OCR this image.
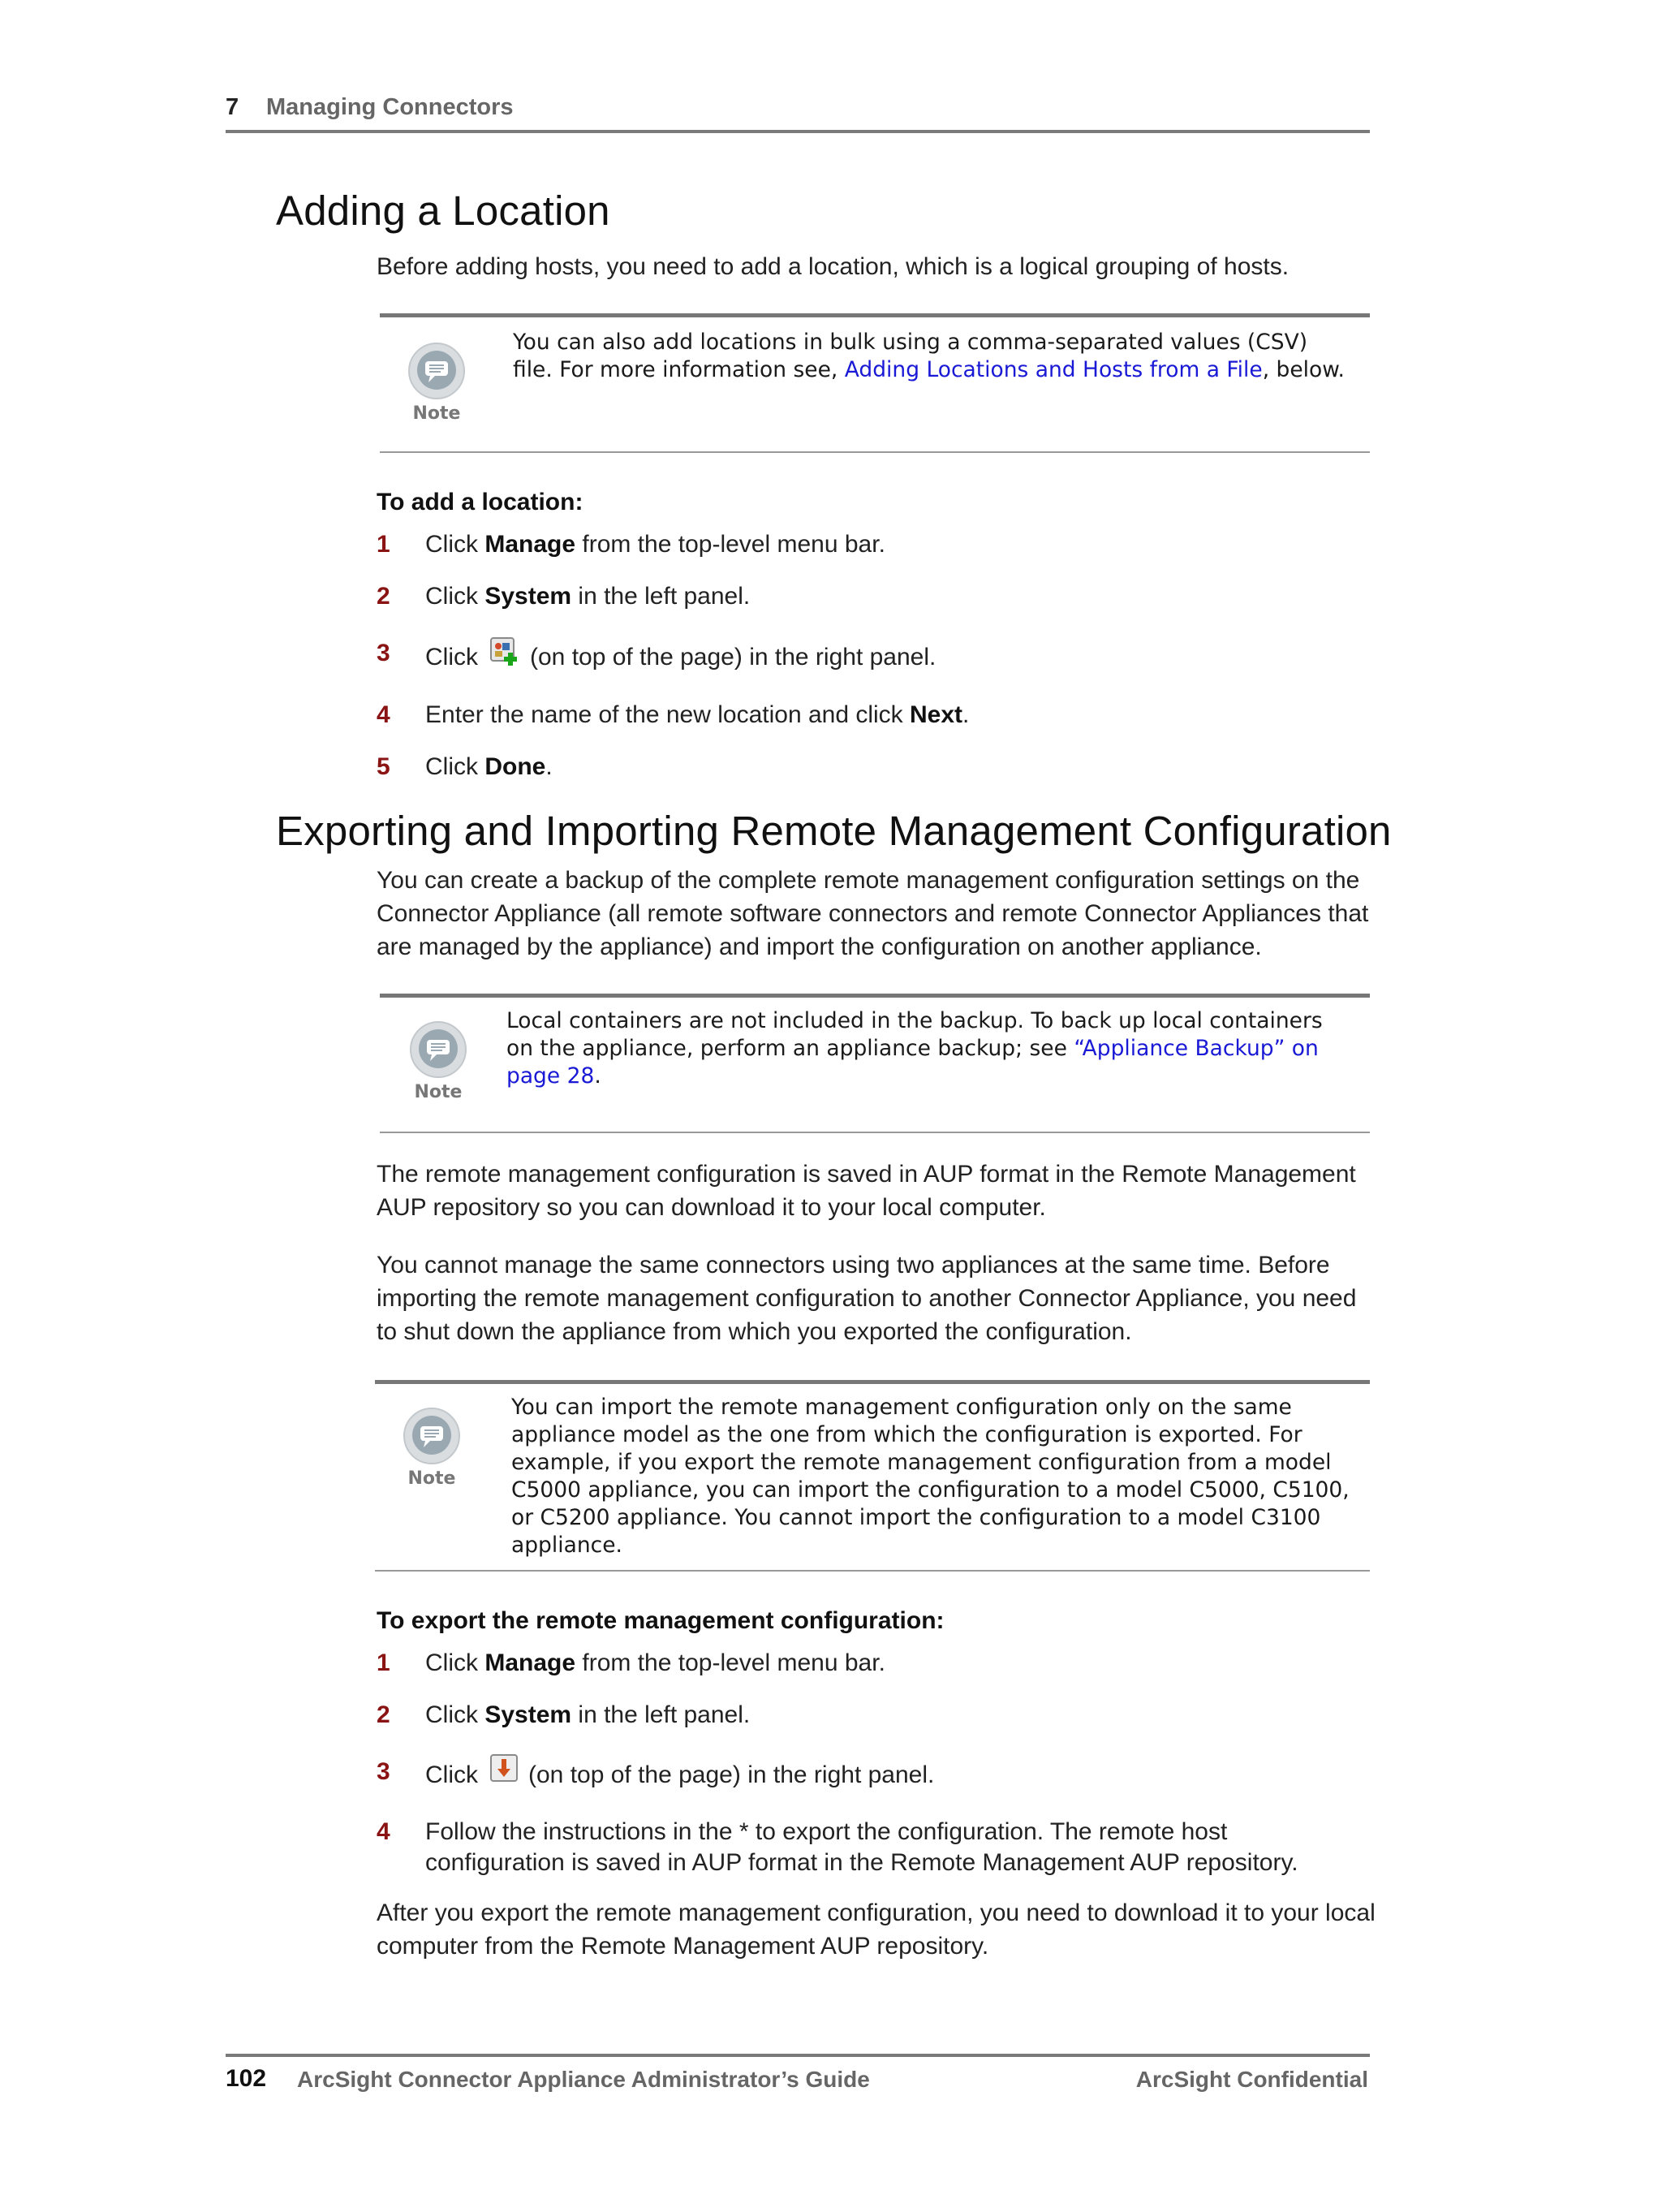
7 Managing Connectors
Adding a Location
Before adding hosts, you need to add a location, which is a logical grouping of hosts.
Note
You can also add locations in bulk using a comma-separated values (CSV) file. For more information see, Adding Locations and Hosts from a File, below.
To add a location:
1 Click Manage from the top-level menu bar.
2 Click System in the left panel.
3 Click (on top of the page) in the right panel.
4 Enter the name of the new location and click Next.
5 Click Done.
Exporting and Importing Remote Management Configuration
You can create a backup of the complete remote management configuration settings on the Connector Appliance (all remote software connectors and remote Connector Appliances that are managed by the appliance) and import the configuration on another appliance.
Note
Local containers are not included in the backup. To back up local containers on the appliance, perform an appliance backup; see “Appliance Backup” on page 28.
The remote management configuration is saved in AUP format in the Remote Management AUP repository so you can download it to your local computer.
You cannot manage the same connectors using two appliances at the same time. Before importing the remote management configuration to another Connector Appliance, you need to shut down the appliance from which you exported the configuration.
Note
You can import the remote management configuration only on the same appliance model as the one from which the configuration is exported. For example, if you export the remote management configuration from a model C5000 appliance, you can import the configuration to a model C5000, C5100, or C5200 appliance. You cannot import the configuration to a model C3100 appliance.
To export the remote management configuration:
1 Click Manage from the top-level menu bar.
2 Click System in the left panel.
3 Click (on top of the page) in the right panel.
4 Follow the instructions in the * to export the configuration. The remote host configuration is saved in AUP format in the Remote Management AUP repository.
After you export the remote management configuration, you need to download it to your local computer from the Remote Management AUP repository.
102 ArcSight Connector Appliance Administrator’s Guide	ArcSight Confidential
